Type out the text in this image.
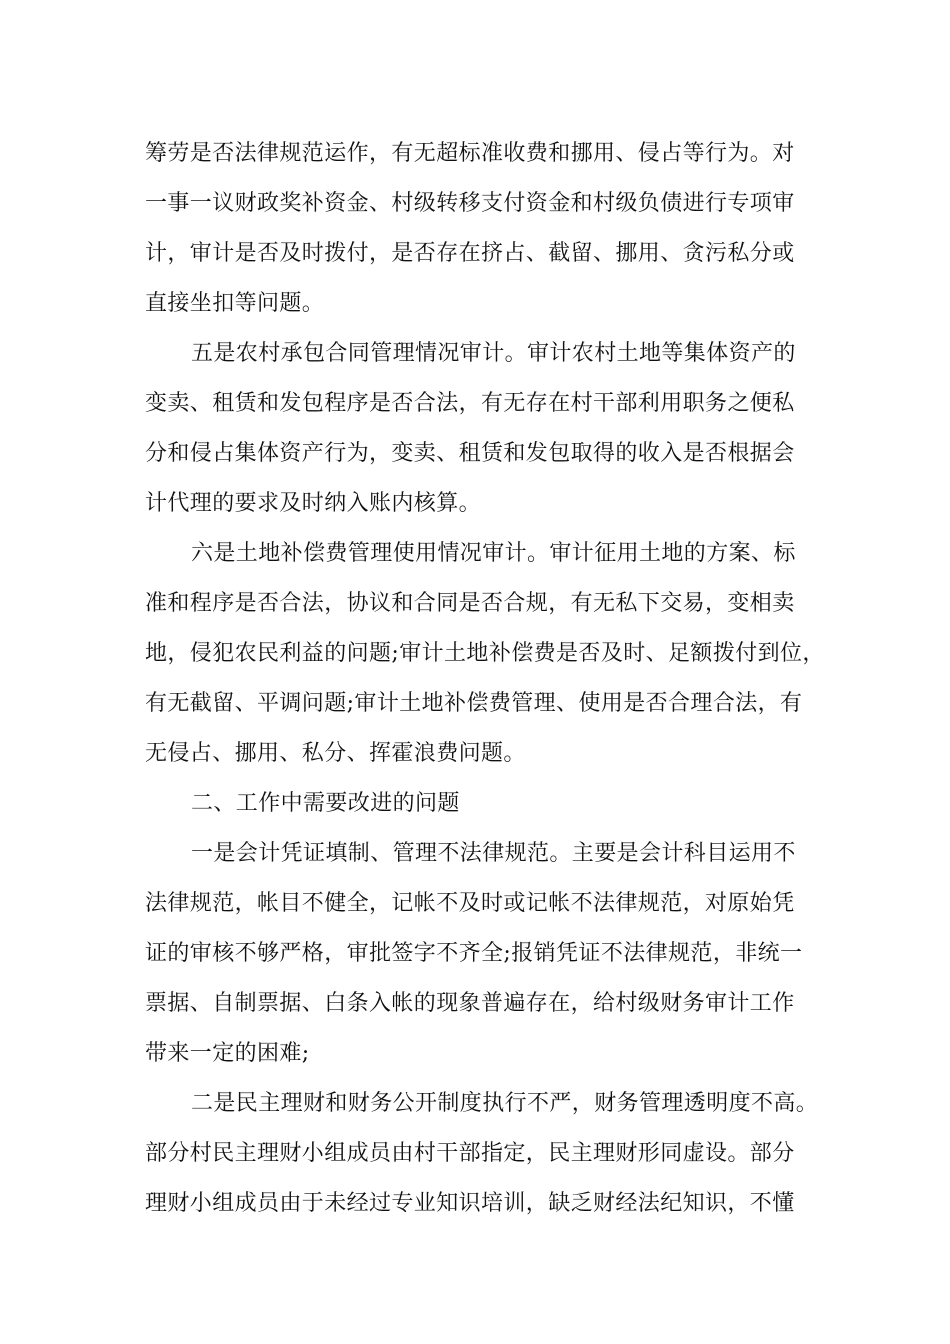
筹劳是否法律规范运作，有无超标准收费和挪用、侵占等行为。对
一事一议财政奖补资金、村级转移支付资金和村级负债进行专项审
计，审计是否及时拨付，是否存在挤占、截留、挪用、贪污私分或
直接坐扣等问题。
五是农村承包合同管理情况审计。审计农村土地等集体资产的
变卖、租赁和发包程序是否合法，有无存在村干部利用职务之便私
分和侵占集体资产行为，变卖、租赁和发包取得的收入是否根据会
计代理的要求及时纳入账内核算。
六是土地补偿费管理使用情况审计。审计征用土地的方案、标
准和程序是否合法，协议和合同是否合规，有无私下交易，变相卖
地，侵犯农民利益的问题;审计土地补偿费是否及时、足额拨付到位，
有无截留、平调问题;审计土地补偿费管理、使用是否合理合法，有
无侵占、挪用、私分、挥霍浪费问题。
二、工作中需要改进的问题
一是会计凭证填制、管理不法律规范。主要是会计科目运用不
法律规范，帐目不健全，记帐不及时或记帐不法律规范，对原始凭
证的审核不够严格，审批签字不齐全;报销凭证不法律规范，非统一
票据、自制票据、白条入帐的现象普遍存在，给村级财务审计工作
带来一定的困难;
二是民主理财和财务公开制度执行不严，财务管理透明度不高。
部分村民主理财小组成员由村干部指定，民主理财形同虚设。部分
理财小组成员由于未经过专业知识培训，缺乏财经法纪知识，不懂
